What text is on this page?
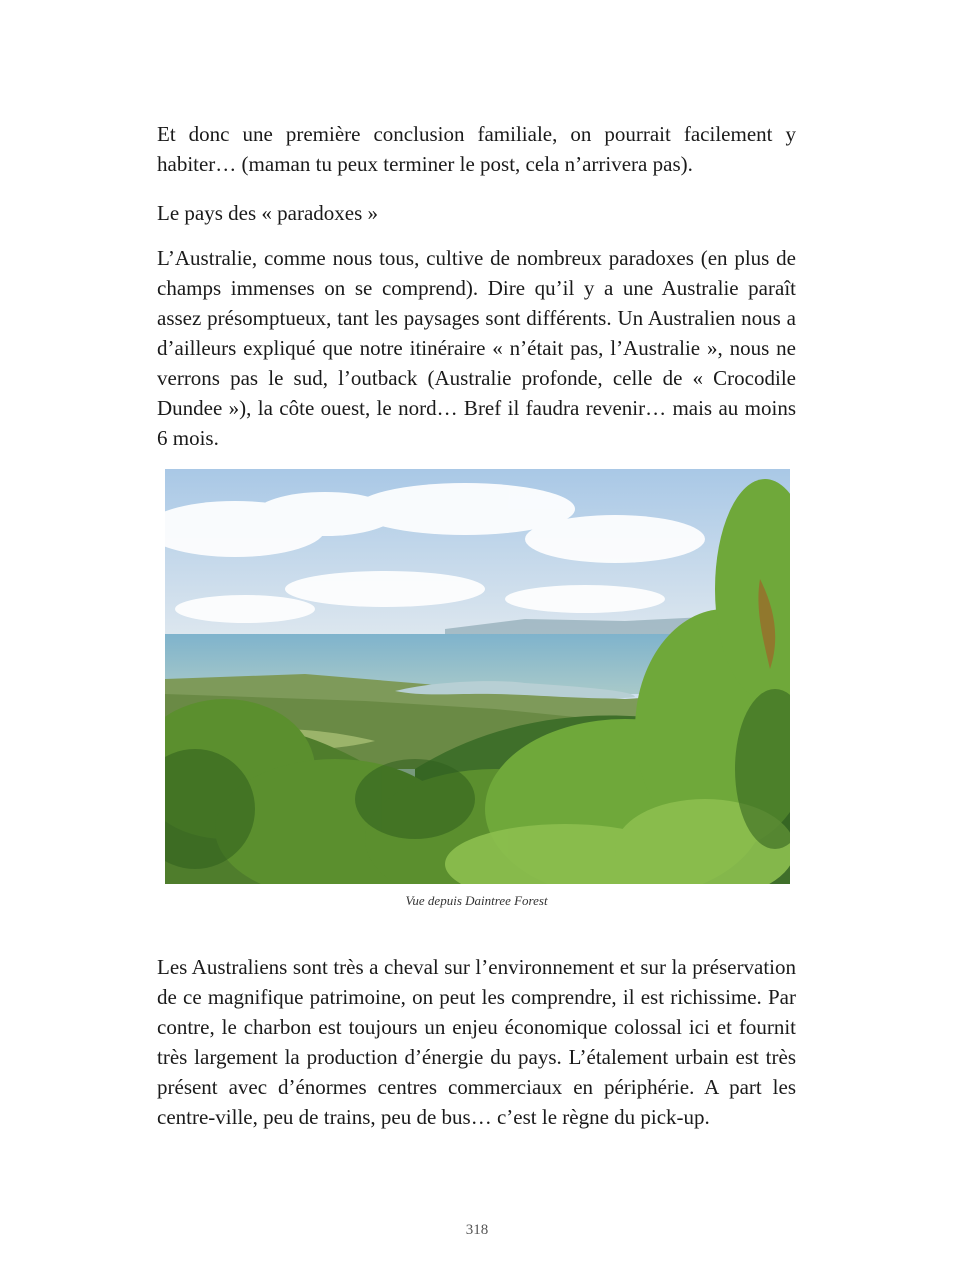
Et donc une première conclusion familiale, on pourrait facilement y habiter… (maman tu peux terminer le post, cela n’arrivera pas).

Le pays des « paradoxes »

L’Australie, comme nous tous, cultive de nombreux paradoxes (en plus de champs immenses on se comprend). Dire qu’il y a une Australie paraît assez présomptueux, tant les paysages sont différents. Un Australien nous a d’ailleurs expliqué que notre itinéraire « n’était pas, l’Australie », nous ne verrons pas le sud, l’outback (Australie profonde, celle de « Crocodile Dundee »), la côte ouest, le nord… Bref il faudra revenir… mais au moins 6 mois.

Vue depuis Daintree Forest

Les Australiens sont très a cheval sur l’environnement et sur la préservation de ce magnifique patrimoine, on peut les comprendre, il est richissime. Par contre, le charbon est toujours un enjeu économique colossal ici et fournit très largement la production d’énergie du pays. L’étalement urbain est très présent avec d’énormes centres commerciaux en périphérie. A part les centre-ville, peu de trains, peu de bus… c’est le règne du pick-up.

318
